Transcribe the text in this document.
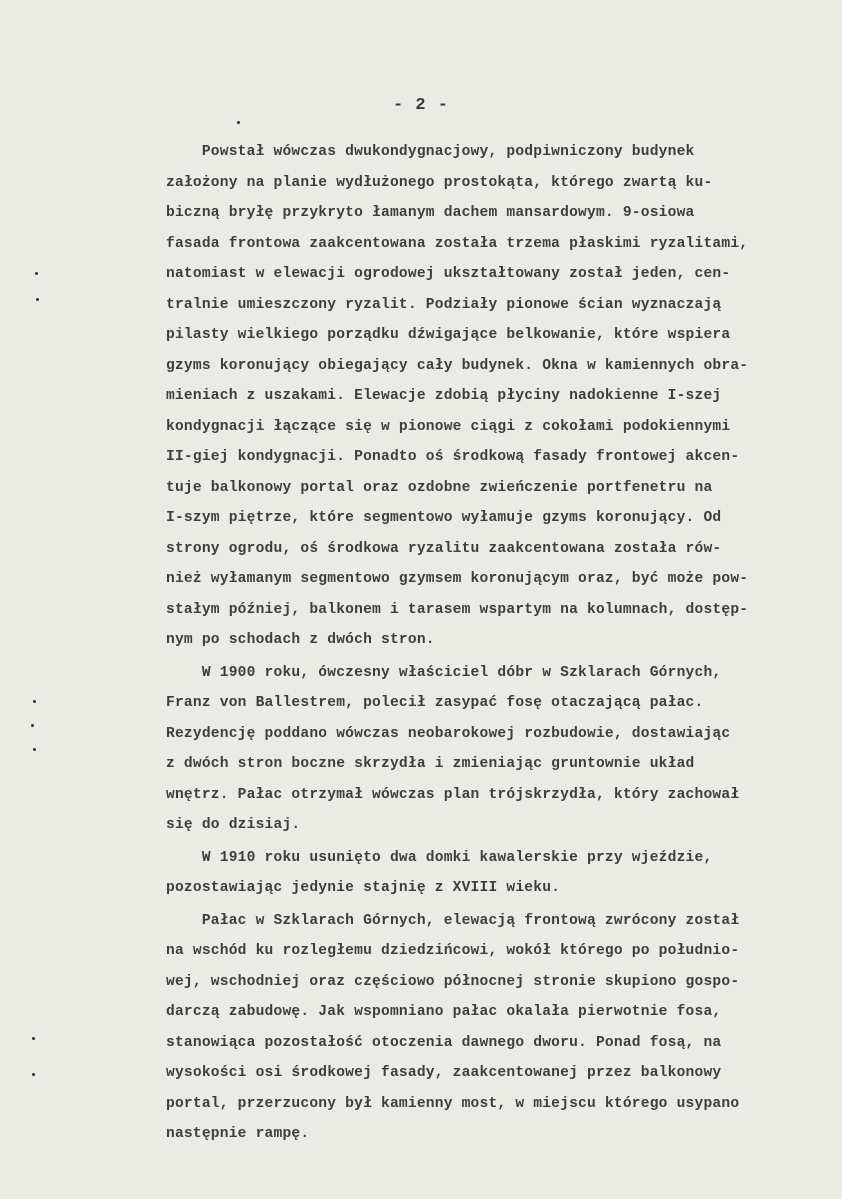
- 2 -
Powstał wówczas dwukondygnacjowy, podpiwniczony budynek
założony na planie wydłużonego prostokąta, którego zwartą ku-
biczną bryłę przykryto łamanym dachem mansardowym. 9-osiowa
fasada frontowa zaakcentowana została trzema płaskimi ryzalitami,
natomiast w elewacji ogrodowej ukształtowany został jeden, cen-
tralnie umieszczony ryzalit. Podziały pionowe ścian wyznaczają
pilasty wielkiego porządku dźwigające belkowanie, które wspiera
gzyms koronujący obiegający cały budynek. Okna w kamiennych obra-
mieniach z uszakami. Elewacje zdobią płyciny nadokienne I-szej
kondygnacji łączące się w pionowe ciągi z cokołami podokiennymi
II-giej kondygnacji. Ponadto oś środkową fasady frontowej akcen-
tuje balkonowy portal oraz ozdobne zwieńczenie portfenetru na
I-szym piętrze, które segmentowo wyłamuje gzyms koronujący. Od
strony ogrodu, oś środkowa ryzalitu zaakcentowana została rów-
nież wyłamanym segmentowo gzymsem koronującym oraz, być może pow-
stałym później, balkonem i tarasem wspartym na kolumnach, dostęp-
nym po schodach z dwóch stron.
W 1900 roku, ówczesny właściciel dóbr w Szklarach Górnych,
Franz von Ballestrem, polecił zasypać fosę otaczającą pałac.
Rezydencję poddano wówczas neobarokowej rozbudowie, dostawiając
z dwóch stron boczne skrzydła i zmieniając gruntownie układ
wnętrz. Pałac otrzymał wówczas plan trójskrzydła, który zachował
się do dzisiaj.
W 1910 roku usunięto dwa domki kawalerskie przy wjeździe,
pozostawiając jedynie stajnię z XVIII wieku.
Pałac w Szklarach Górnych, elewacją frontową zwrócony został
na wschód ku rozległemu dziedzińcowi, wokół którego po południo-
wej, wschodniej oraz częściowo północnej stronie skupiono gospo-
darczą zabudowę. Jak wspomniano pałac okalała pierwotnie fosa,
stanowiąca pozostałość otoczenia dawnego dworu. Ponad fosą, na
wysokości osi środkowej fasady, zaakcentowanej przez balkonowy
portal, przerzucony był kamienny most, w miejscu którego usypano
następnie rampę.
